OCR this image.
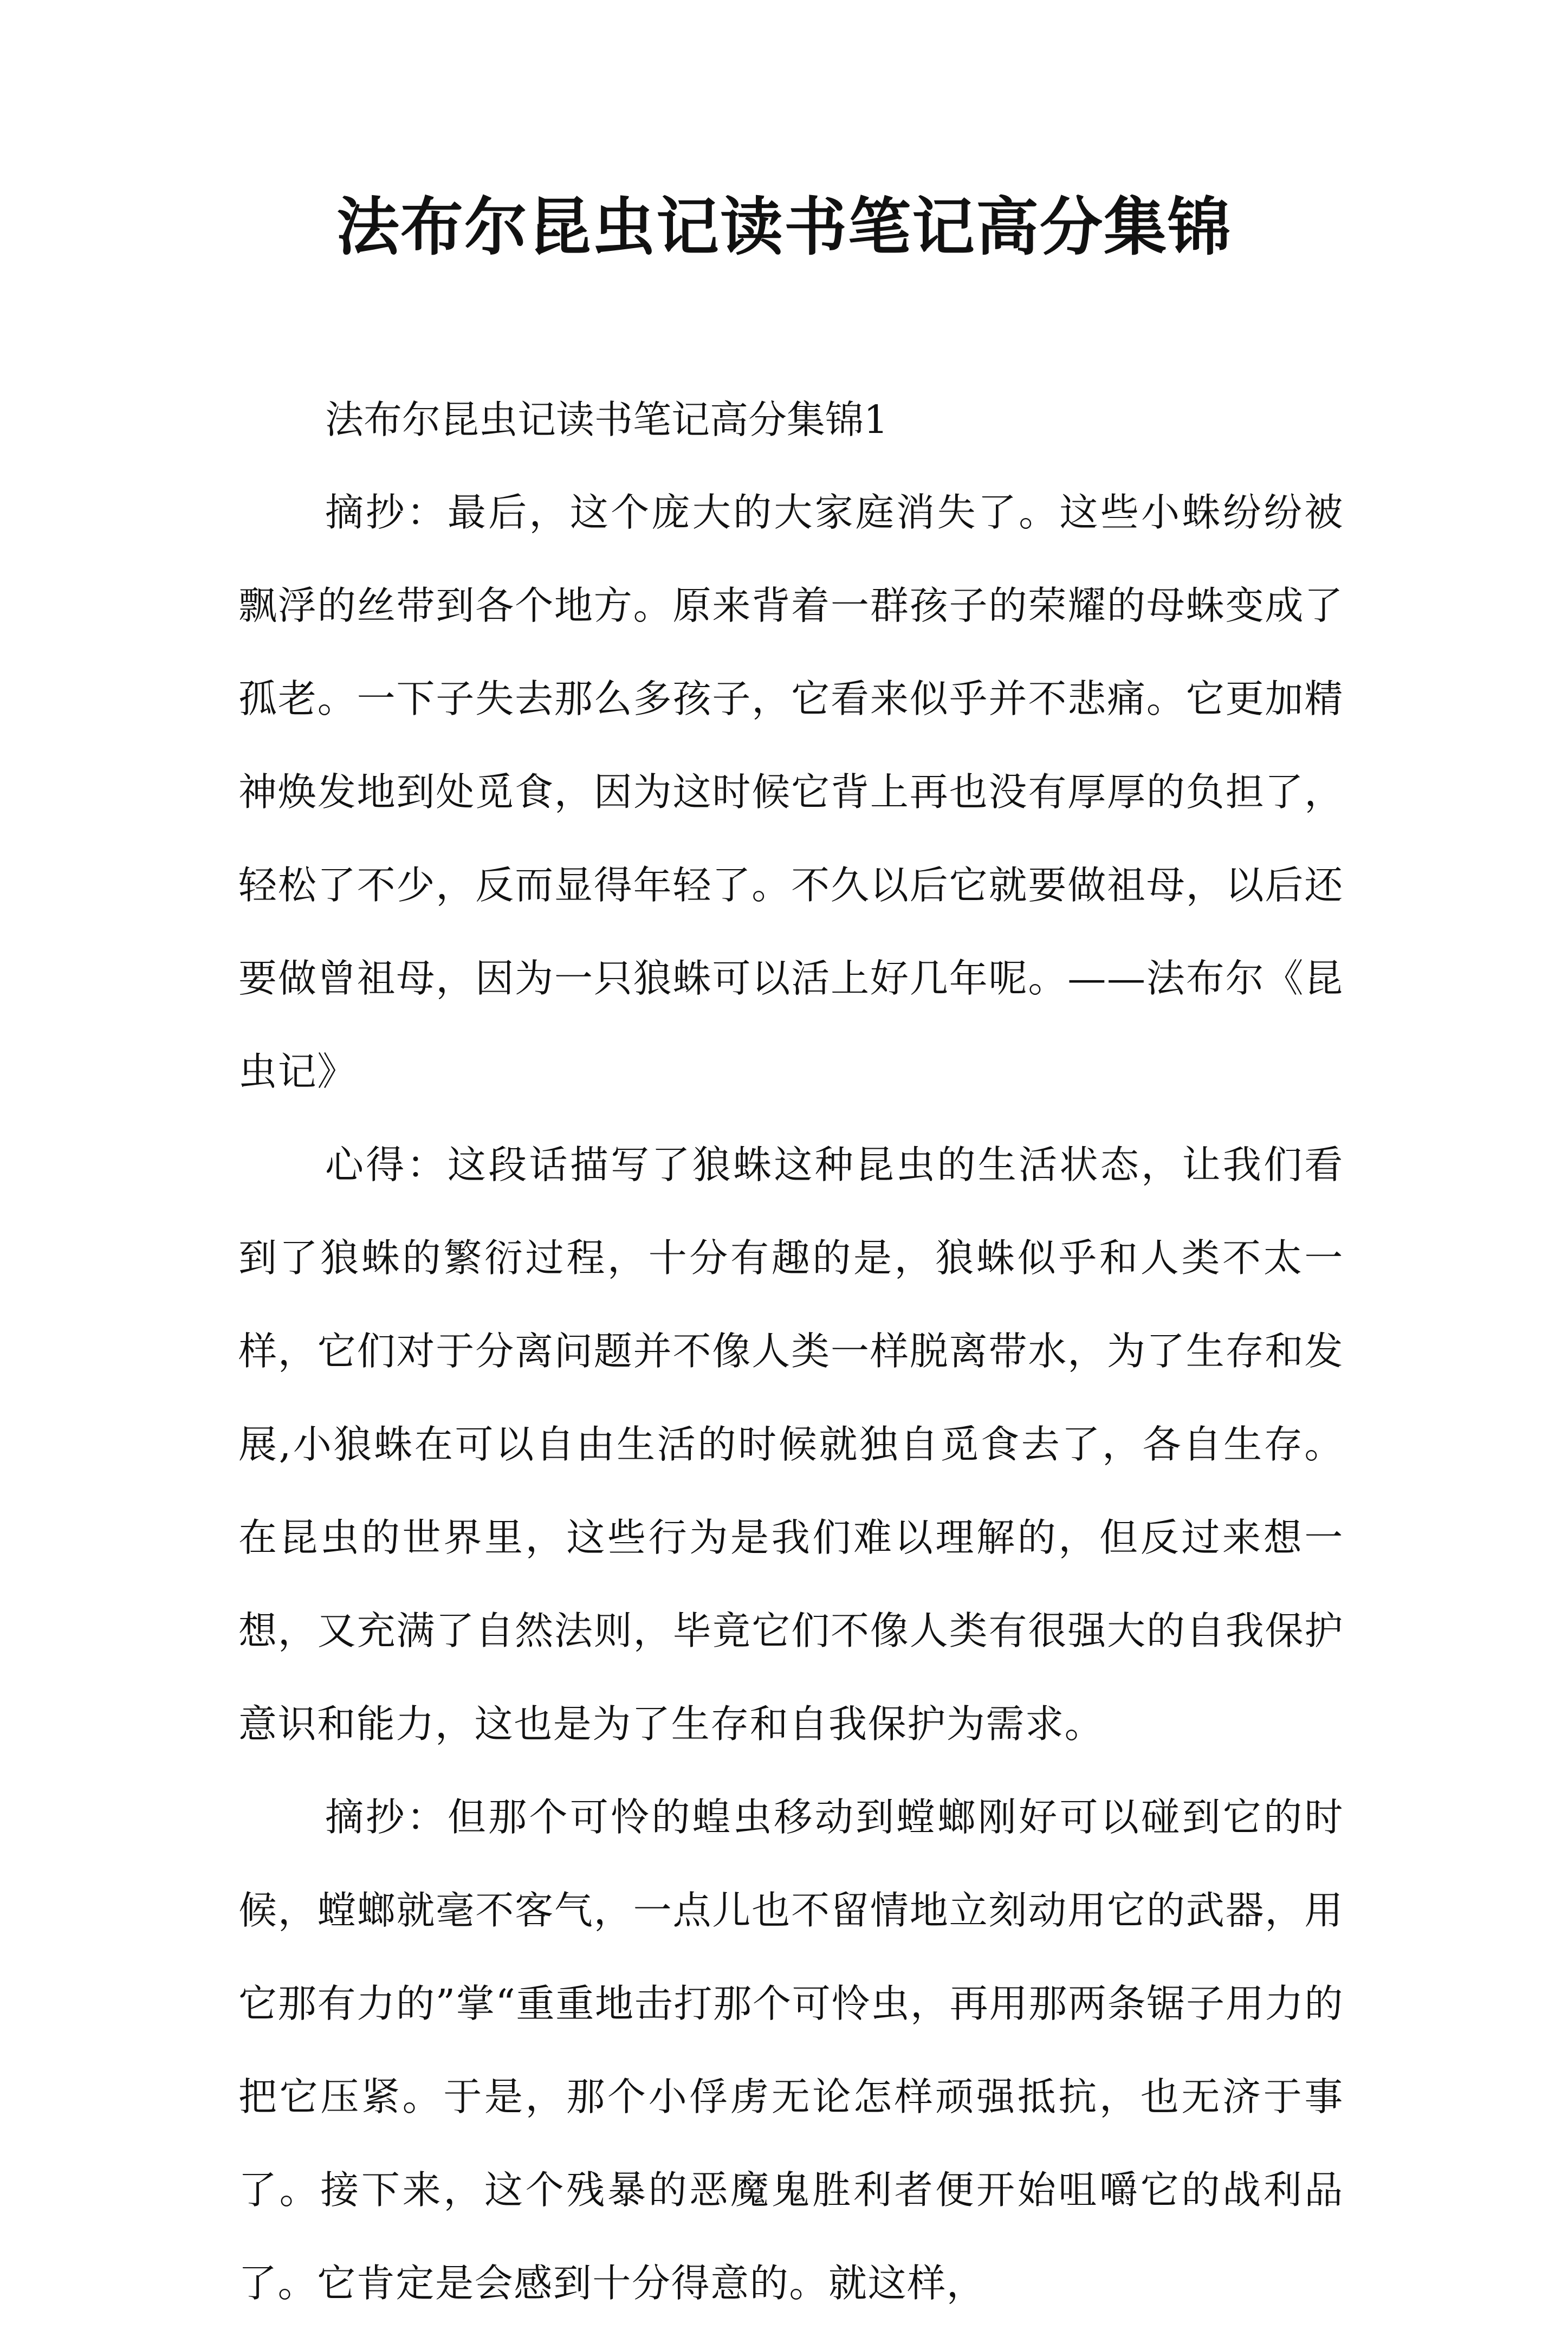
法布尔昆虫记读书笔记高分集锦

法布尔昆虫记读书笔记高分集锦1

摘抄：最后，这个庞大的大家庭消失了。这些小蛛纷纷被飘浮的丝带到各个地方。原来背着一群孩子的荣耀的母蛛变成了孤老。一下子失去那么多孩子，它看来似乎并不悲痛。它更加精神焕发地到处觅食，因为这时候它背上再也没有厚厚的负担了，轻松了不少，反而显得年轻了。不久以后它就要做祖母，以后还要做曾祖母，因为一只狼蛛可以活上好几年呢。——法布尔《昆虫记》

心得：这段话描写了狼蛛这种昆虫的生活状态，让我们看到了狼蛛的繁衍过程，十分有趣的是，狼蛛似乎和人类不太一样，它们对于分离问题并不像人类一样脱离带水，为了生存和发展,小狼蛛在可以自由生活的时候就独自觅食去了，各自生存。在昆虫的世界里，这些行为是我们难以理解的，但反过来想一想，又充满了自然法则，毕竟它们不像人类有很强大的自我保护意识和能力，这也是为了生存和自我保护为需求。

摘抄：但那个可怜的蝗虫移动到螳螂刚好可以碰到它的时候，螳螂就毫不客气，一点儿也不留情地立刻动用它的武器，用它那有力的”掌“重重地击打那个可怜虫，再用那两条锯子用力的把它压紧。于是，那个小俘虏无论怎样顽强抵抗，也无济于事了。接下来，这个残暴的恶魔鬼胜利者便开始咀嚼它的战利品了。它肯定是会感到十分得意的。就这样，
